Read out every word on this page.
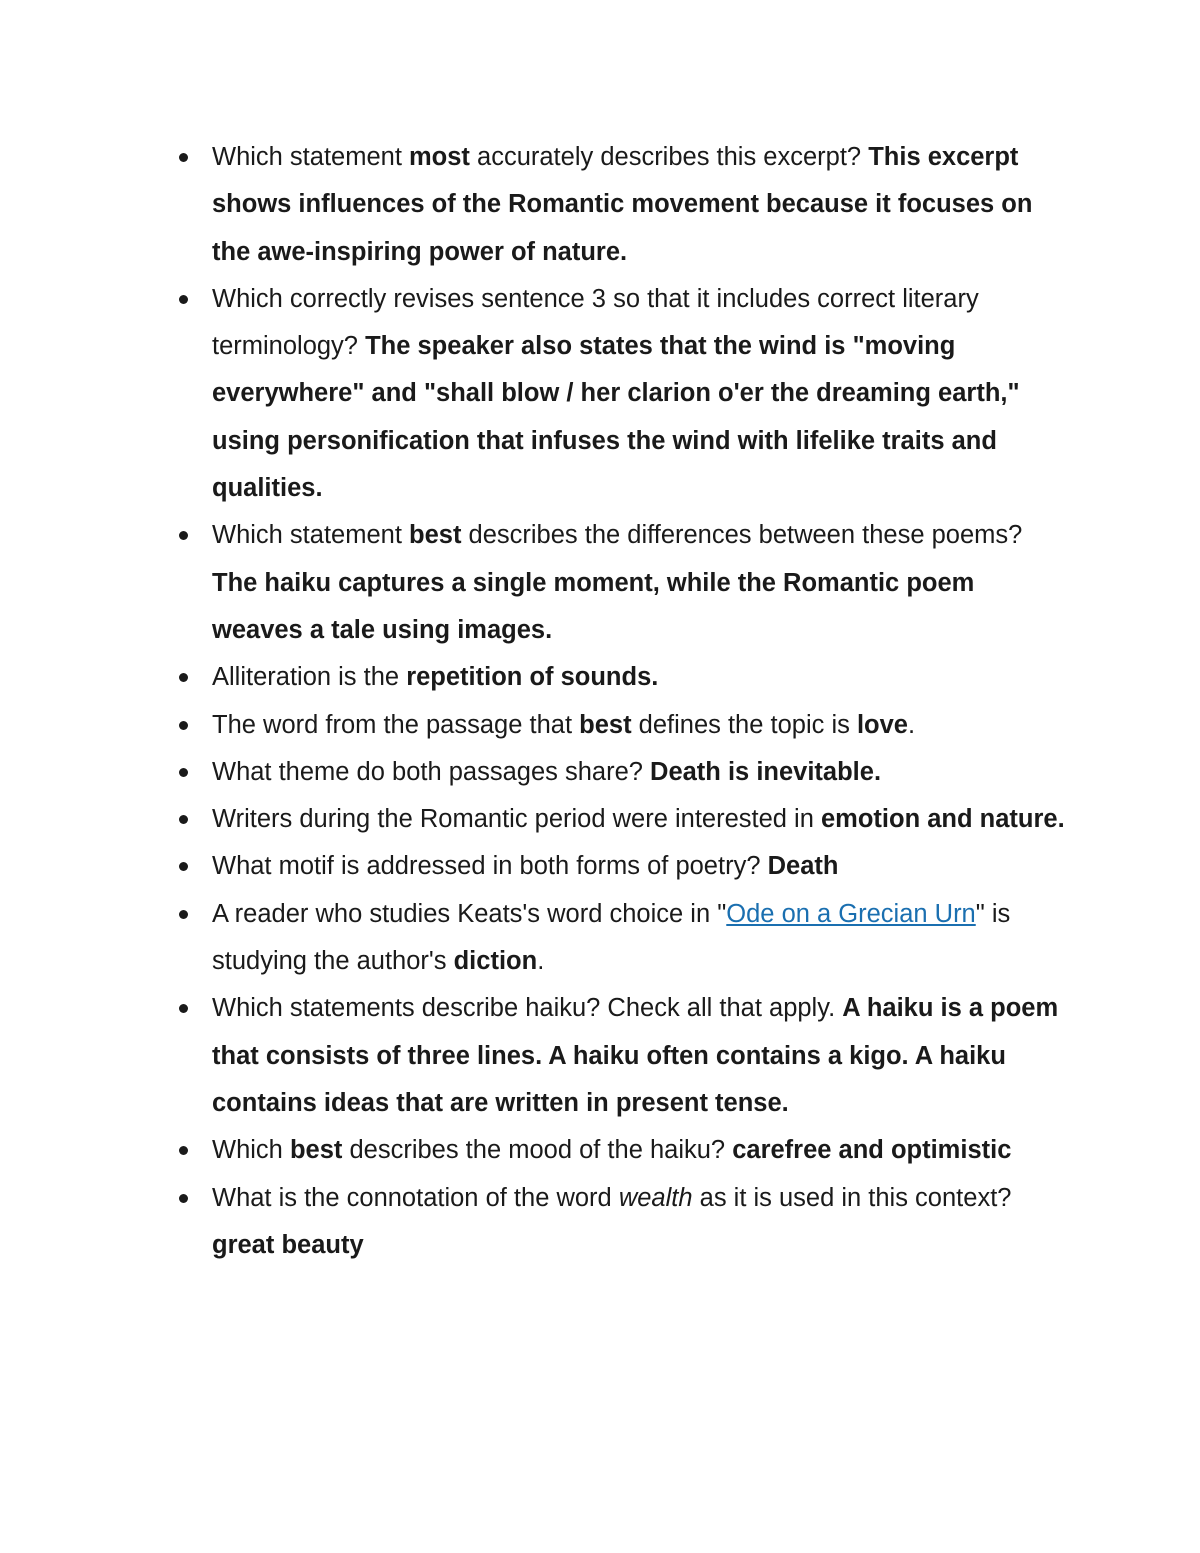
Which statement most accurately describes this excerpt? This excerpt shows influences of the Romantic movement because it focuses on the awe-inspiring power of nature.
Which correctly revises sentence 3 so that it includes correct literary terminology? The speaker also states that the wind is "moving everywhere" and "shall blow / her clarion o'er the dreaming earth," using personification that infuses the wind with lifelike traits and qualities.
Which statement best describes the differences between these poems? The haiku captures a single moment, while the Romantic poem weaves a tale using images.
Alliteration is the repetition of sounds.
The word from the passage that best defines the topic is love.
What theme do both passages share? Death is inevitable.
Writers during the Romantic period were interested in emotion and nature.
What motif is addressed in both forms of poetry? Death
A reader who studies Keats's word choice in "Ode on a Grecian Urn" is studying the author's diction.
Which statements describe haiku? Check all that apply. A haiku is a poem that consists of three lines. A haiku often contains a kigo. A haiku contains ideas that are written in present tense.
Which best describes the mood of the haiku? carefree and optimistic
What is the connotation of the word wealth as it is used in this context? great beauty
